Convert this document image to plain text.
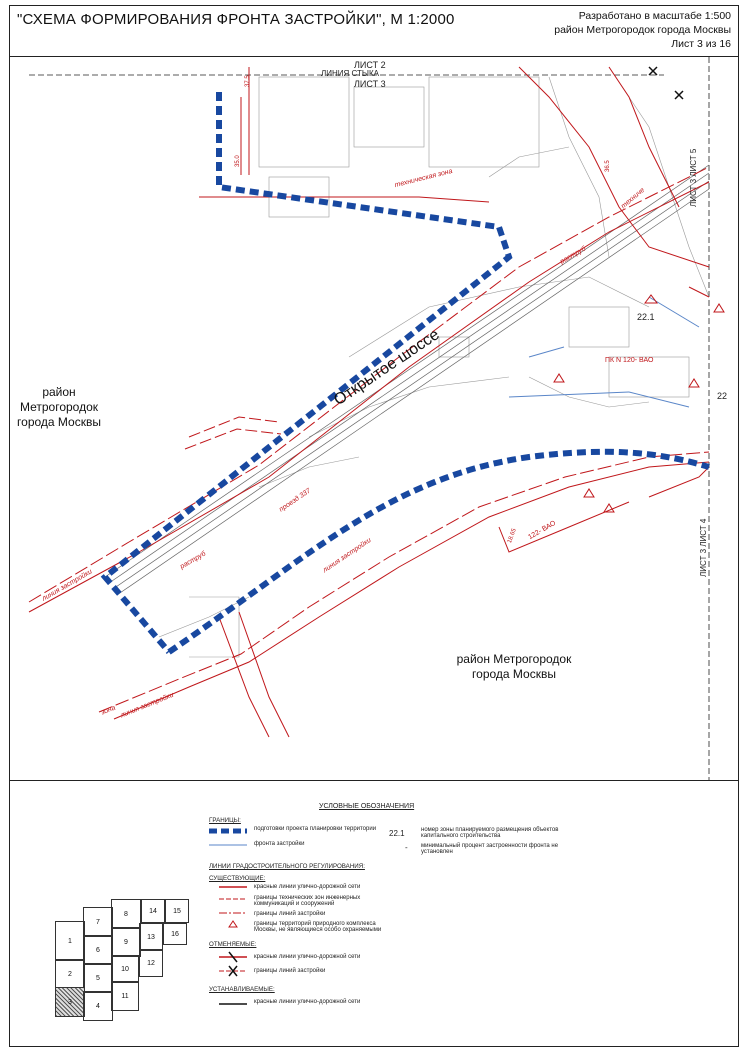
"СХЕМА ФОРМИРОВАНИЯ ФРОНТА ЗАСТРОЙКИ", М 1:2000	Разработано в масштабе 1:500
район Метрогородок города Москвы
Лист 3 из 16
ЛИНИЯ СТЫКА
ЛИСТ 2
ЛИСТ 3
ЛИСТ 3 ЛИСТ 5
ЛИСТ 3 ЛИСТ 4
Открытое шоссе
район Метрогородок
города Москвы
район Метрогородок
города Москвы
техническая зона
раструб
раструб
проезд 337
линия застройки
линия застройки
линия застройки
зона
техниче
ПК N 120- ВАО
122- ВАО
22.1
22
37.5
35.0	36.5
18.65
УСЛОВНЫЕ ОБОЗНАЧЕНИЯ
ГРАНИЦЫ:
подготовки проекта планировки территории
фронта застройки
22.1	номер зоны планируемого размещения объектов капитального строительства
- минимальный процент застроенности фронта не установлен
ЛИНИИ ГРАДОСТРОИТЕЛЬНОГО РЕГУЛИРОВАНИЯ:
СУЩЕСТВУЮЩИЕ:
красные линии улично-дорожной сети
границы технических зон инженерных коммуникаций и сооружений
границы линий застройки
границы территорий природного комплекса Москвы, не являющиеся особо охраняемыми
ОТМЕНЯЕМЫЕ:
красные линии улично-дорожной сети
границы линий застройки
УСТАНАВЛИВАЕМЫЕ:
красные линии улично-дорожной сети
7
8	14	15
1
6
9
13	16
2
5
10
12
3
4
11
